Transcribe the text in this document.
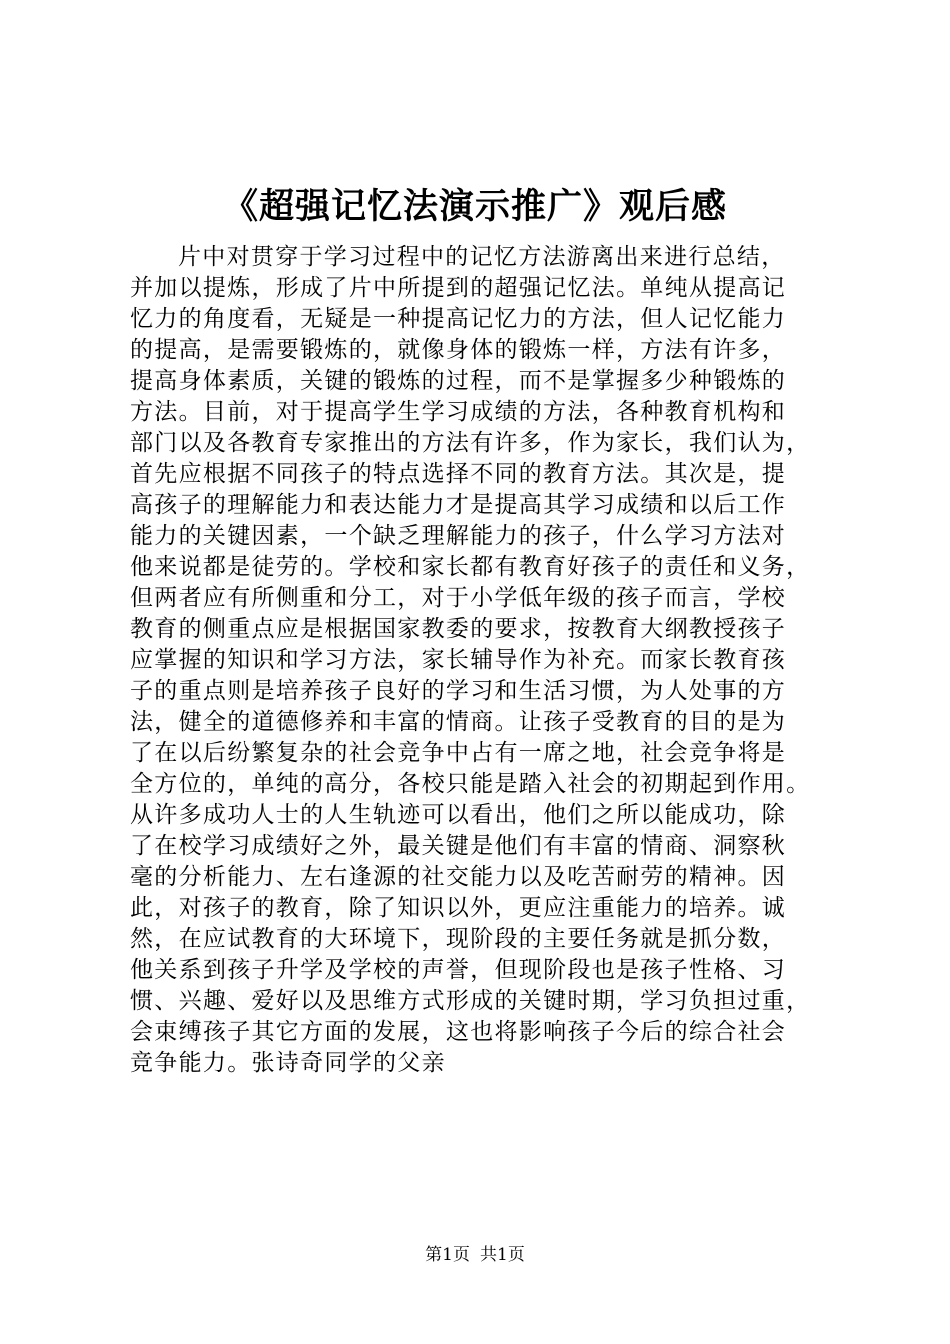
《超强记忆法演示推广》观后感
片中对贯穿于学习过程中的记忆方法游离出来进行总结，
并加以提炼，形成了片中所提到的超强记忆法。单纯从提高记
忆力的角度看，无疑是一种提高记忆力的方法，但人记忆能力
的提高，是需要锻炼的，就像身体的锻炼一样，方法有许多，
提高身体素质，关键的锻炼的过程，而不是掌握多少种锻炼的
方法。目前，对于提高学生学习成绩的方法，各种教育机构和
部门以及各教育专家推出的方法有许多，作为家长，我们认为，
首先应根据不同孩子的特点选择不同的教育方法。其次是，提
高孩子的理解能力和表达能力才是提高其学习成绩和以后工作
能力的关键因素，一个缺乏理解能力的孩子，什么学习方法对
他来说都是徒劳的。学校和家长都有教育好孩子的责任和义务，
但两者应有所侧重和分工，对于小学低年级的孩子而言，学校
教育的侧重点应是根据国家教委的要求，按教育大纲教授孩子
应掌握的知识和学习方法，家长辅导作为补充。而家长教育孩
子的重点则是培养孩子良好的学习和生活习惯，为人处事的方
法，健全的道德修养和丰富的情商。让孩子受教育的目的是为
了在以后纷繁复杂的社会竞争中占有一席之地，社会竞争将是
全方位的，单纯的高分，各校只能是踏入社会的初期起到作用。
从许多成功人士的人生轨迹可以看出，他们之所以能成功，除
了在校学习成绩好之外，最关键是他们有丰富的情商、洞察秋
毫的分析能力、左右逢源的社交能力以及吃苦耐劳的精神。因
此，对孩子的教育，除了知识以外，更应注重能力的培养。诚
然，在应试教育的大环境下，现阶段的主要任务就是抓分数，
他关系到孩子升学及学校的声誉，但现阶段也是孩子性格、习
惯、兴趣、爱好以及思维方式形成的关键时期，学习负担过重，
会束缚孩子其它方面的发展，这也将影响孩子今后的综合社会
竞争能力。张诗奇同学的父亲
第1页 共1页
